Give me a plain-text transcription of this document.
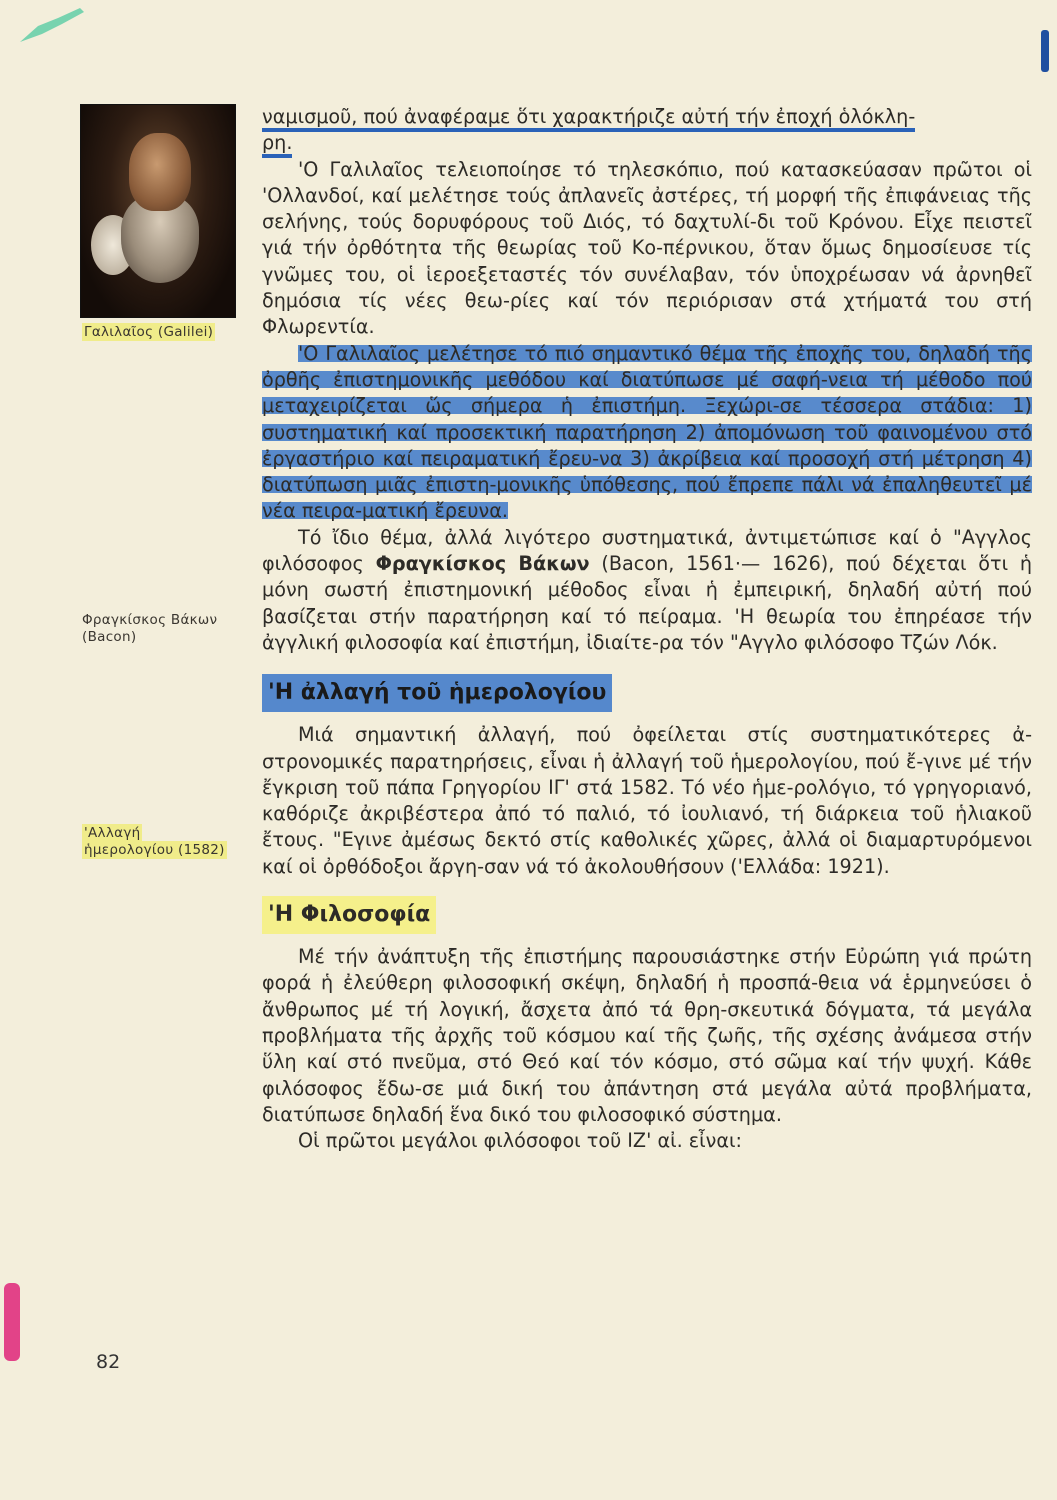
Γαλιλαῖος (Galilei)
Φραγκίσκος Βάκων
(Bacon)
'Αλλαγή
ἡμερολογίου (1582)

ναμισμοῦ, πού ἀναφέραμε ὅτι χαρακτήριζε αὐτή τήν ἐποχή ὁλόκλη-
ρη.

'Ο Γαλιλαῖος τελειοποίησε τό τηλεσκόπιο, πού κατασκεύασαν πρῶτοι οἱ 'Ολλανδοί, καί μελέτησε τούς ἀπλανεῖς ἀστέρες, τή μορφή τῆς ἐπιφάνειας τῆς σελήνης, τούς δορυφόρους τοῦ Διός, τό δαχτυλί-δι τοῦ Κρόνου. Εἶχε πειστεῖ γιά τήν ὀρθότητα τῆς θεωρίας τοῦ Κο-πέρνικου, ὅταν ὅμως δημοσίευσε τίς γνῶμες του, οἱ ἱεροεξεταστές τόν συνέλαβαν, τόν ὑποχρέωσαν νά ἀρνηθεῖ δημόσια τίς νέες θεω-ρίες καί τόν περιόρισαν στά χτήματά του στή Φλωρεντία.

'Ο Γαλιλαῖος μελέτησε τό πιό σημαντικό θέμα τῆς ἐποχῆς του, δηλαδή τῆς ὀρθῆς ἐπιστημονικῆς μεθόδου καί διατύπωσε μέ σαφή-νεια τή μέθοδο πού μεταχειρίζεται ὥς σήμερα ἡ ἐπιστήμη. Ξεχώρι-σε τέσσερα στάδια: 1) συστηματική καί προσεκτική παρατήρηση 2) ἀπομόνωση τοῦ φαινομένου στό ἐργαστήριο καί πειραματική ἔρευ-να 3) ἀκρίβεια καί προσοχή στή μέτρηση 4) διατύπωση μιᾶς ἐπιστη-μονικῆς ὑπόθεσης, πού ἔπρεπε πάλι νά ἐπαληθευτεῖ μέ νέα πειρα-ματική ἔρευνα.

Τό ἴδιο θέμα, ἀλλά λιγότερο συστηματικά, ἀντιμετώπισε καί ὁ "Αγγλος φιλόσοφος Φραγκίσκος Βάκων (Bacon, 1561·— 1626), πού δέχεται ὅτι ἡ μόνη σωστή ἐπιστημονική μέθοδος εἶναι ἡ ἐμπειρική, δηλαδή αὐτή πού βασίζεται στήν παρατήρηση καί τό πείραμα. 'Η θεωρία του ἐπηρέασε τήν ἀγγλική φιλοσοφία καί ἐπιστήμη, ἰδιαίτε-ρα τόν "Αγγλο φιλόσοφο Τζών Λόκ.

'Η ἀλλαγή τοῦ ἡμερολογίου

Μιά σημαντική ἀλλαγή, πού ὀφείλεται στίς συστηματικότερες ἀ-στρονομικές παρατηρήσεις, εἶναι ἡ ἀλλαγή τοῦ ἡμερολογίου, πού ἔ-γινε μέ τήν ἔγκριση τοῦ πάπα Γρηγορίου ΙΓ' στά 1582. Τό νέο ἡμε-ρολόγιο, τό γρηγοριανό, καθόριζε ἀκριβέστερα ἀπό τό παλιό, τό ἰουλιανό, τή διάρκεια τοῦ ἡλιακοῦ ἔτους. "Εγινε ἀμέσως δεκτό στίς καθολικές χῶρες, ἀλλά οἱ διαμαρτυρόμενοι καί οἱ ὀρθόδοξοι ἄργη-σαν νά τό ἀκολουθήσουν ('Ελλάδα: 1921).

'Η Φιλοσοφία

Μέ τήν ἀνάπτυξη τῆς ἐπιστήμης παρουσιάστηκε στήν Εὐρώπη γιά πρώτη φορά ἡ ἐλεύθερη φιλοσοφική σκέψη, δηλαδή ἡ προσπά-θεια νά ἑρμηνεύσει ὁ ἄνθρωπος μέ τή λογική, ἄσχετα ἀπό τά θρη-σκευτικά δόγματα, τά μεγάλα προβλήματα τῆς ἀρχῆς τοῦ κόσμου καί τῆς ζωῆς, τῆς σχέσης ἀνάμεσα στήν ὕλη καί στό πνεῦμα, στό Θεό καί τόν κόσμο, στό σῶμα καί τήν ψυχή. Κάθε φιλόσοφος ἔδω-σε μιά δική του ἀπάντηση στά μεγάλα αὐτά προβλήματα, διατύπωσε δηλαδή ἕνα δικό του φιλοσοφικό σύστημα.

Οἱ πρῶτοι μεγάλοι φιλόσοφοι τοῦ ΙΖ' αἰ. εἶναι:

82
